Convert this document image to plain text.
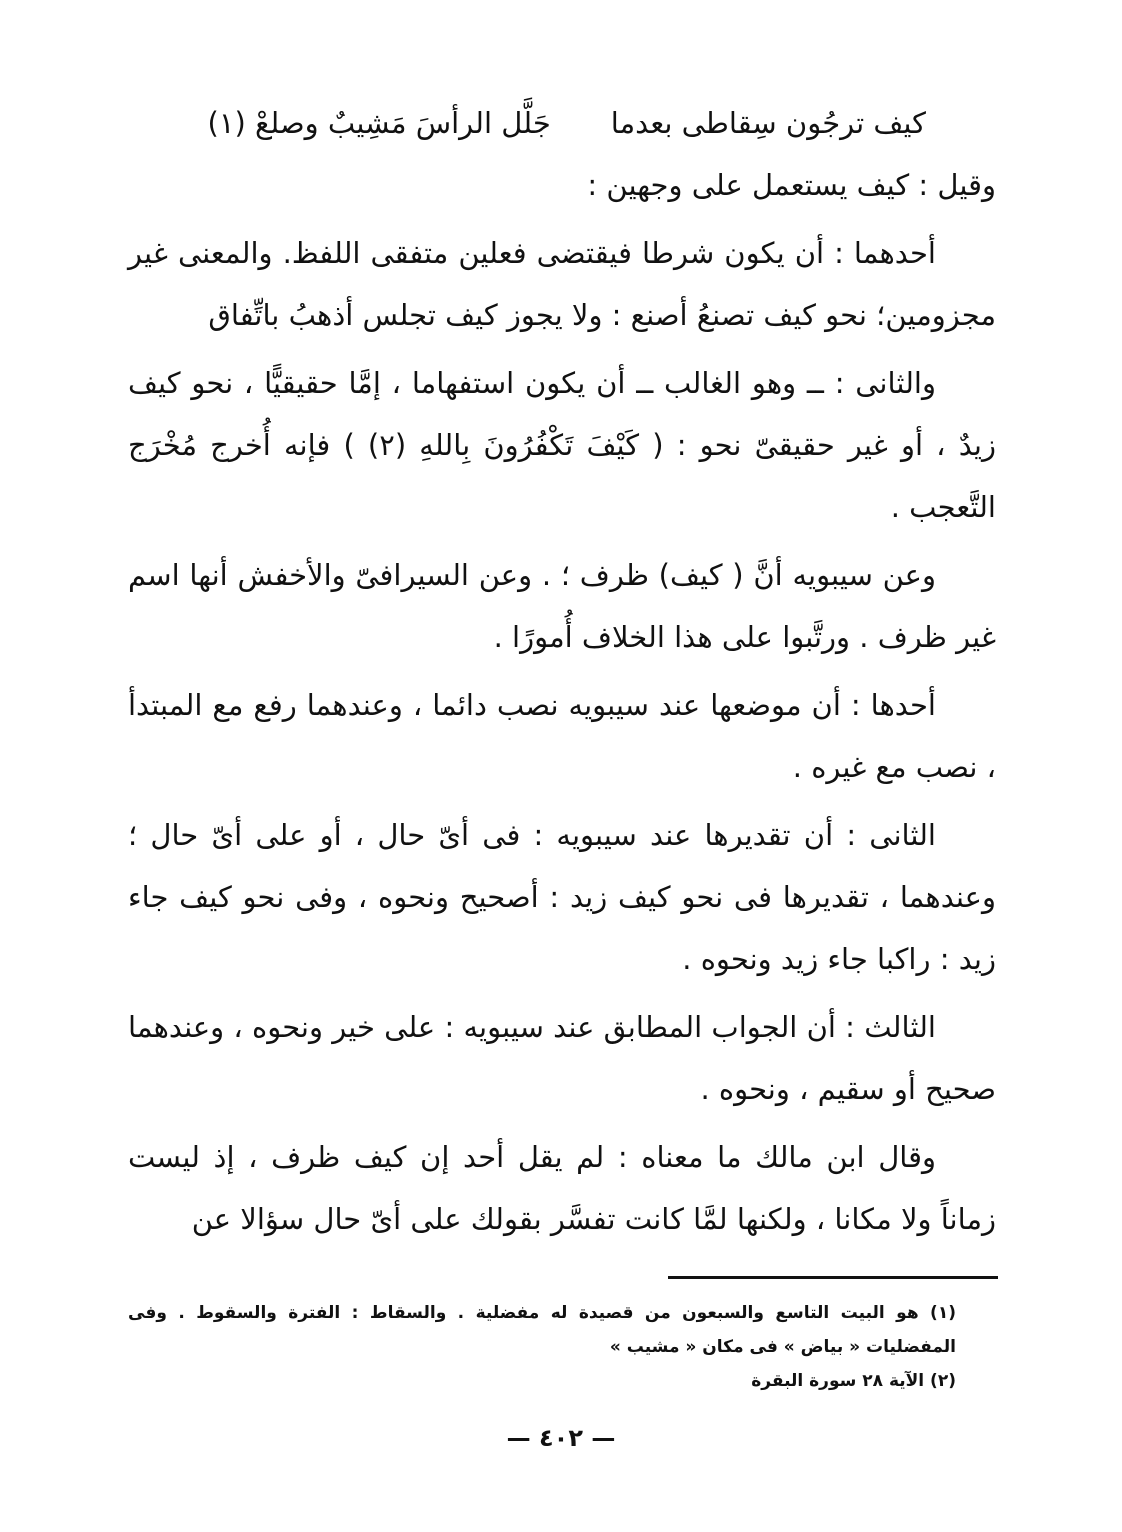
كيف ترجُون سِقاطى بعدما
جَلَّل الرأسَ مَشِيبٌ وصلعْ (١)

وقيل : كيف يستعمل على وجهين :

أحدهما : أن يكون شرطا فيقتضى فعلين متفقى اللفظ. والمعنى غير مجزومين؛ نحو كيف تصنعُ أصنع : ولا يجوز كيف تجلس أذهبُ باتِّفاق

والثانى : ــ وهو الغالب ــ أن يكون استفهاما ، إمَّا حقيقيًّا ، نحو كيف زيدٌ ، أو غير حقيقىّ نحو : ( كَيْفَ تَكْفُرُونَ بِاللهِ (٢) ) فإنه أُخرج مُخْرَج التَّعجب .

وعن سيبويه أنَّ ( كيف) ظرف ؛ . وعن السيرافىّ والأخفش أنها اسم غير ظرف . ورتَّبوا على هذا الخلاف أُمورًا .

أحدها : أن موضعها عند سيبويه نصب دائما ، وعندهما رفع مع المبتدأ ، نصب مع غيره .

الثانى : أن تقديرها عند سيبويه : فى أىّ حال ، أو على أىّ حال ؛ وعندهما ، تقديرها فى نحو كيف زيد : أصحيح ونحوه ، وفى نحو كيف جاء زيد : راكبا جاء زيد ونحوه .

الثالث : أن الجواب المطابق عند سيبويه : على خير ونحوه ، وعندهما صحيح أو سقيم ، ونحوه .

وقال ابن مالك ما معناه : لم يقل أحد إن كيف ظرف ، إذ ليست زماناً ولا مكانا ، ولكنها لمَّا كانت تفسَّر بقولك على أىّ حال سؤالا عن

(١) هو البيت التاسع والسبعون من قصيدة له مفضلية . والسقاط : الفترة والسقوط . وفى المفضليات « بياض » فى مكان « مشيب »

(٢) الآية ٢٨ سورة البقرة

— ٤٠٢ —
